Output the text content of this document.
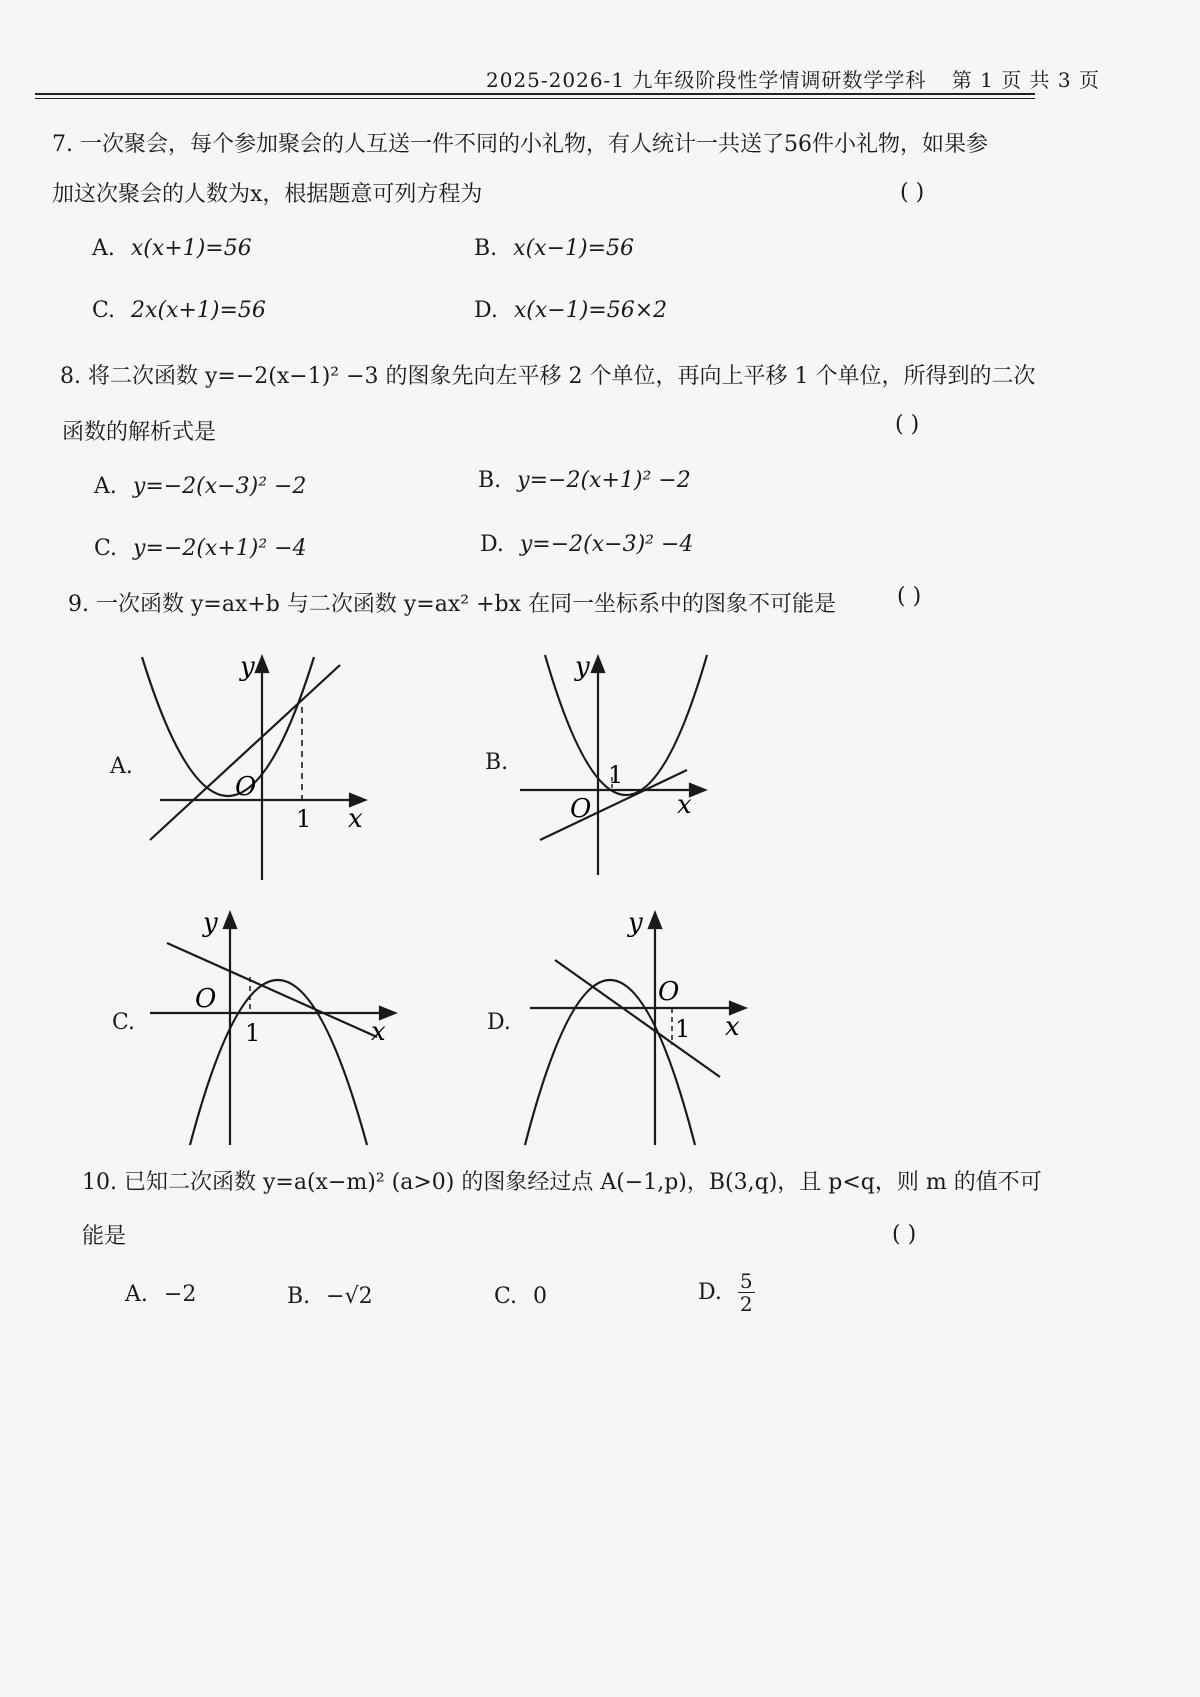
2025-2026-1 九年级阶段性学情调研数学学科 第 1 页 共 3 页
7. 一次聚会，每个参加聚会的人互送一件不同的小礼物，有人统计一共送了56件小礼物，如果参
加这次聚会的人数为x，根据题意可列方程为	( )
A. x(x+1)=56	B. x(x−1)=56
C. 2x(x+1)=56	D. x(x−1)=56×2
8. 将二次函数 y=−2(x−1)² −3 的图象先向左平移 2 个单位，再向上平移 1 个单位，所得到的二次
函数的解析式是	( )
A. y=−2(x−3)² −2	B. y=−2(x+1)² −2
C. y=−2(x+1)² −4	D. y=−2(x−3)² −4
9. 一次函数 y=ax+b 与二次函数 y=ax² +bx 在同一坐标系中的图象不可能是	( )
A.
y
O
1 x
B.
y
O
1
x
C.
y
O
1	x	D.
y
O
1 x
10. 已知二次函数 y=a(x−m)² (a>0) 的图象经过点 A(−1,p)，B(3,q)，且 p<q，则 m 的值不可
能是	( )
A. −2	B. −√2	C. 0	D. $\frac{5}{2}$
